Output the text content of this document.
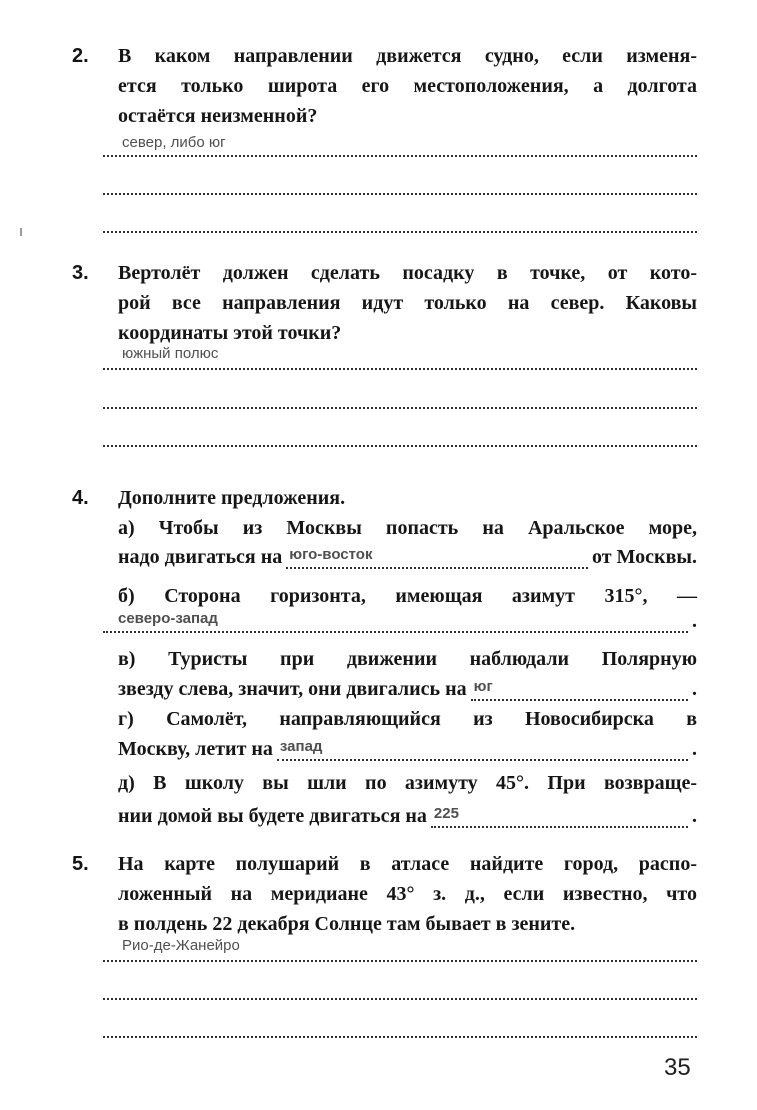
2.	В каком направлении движется судно, если изменя-
ется только широта его местоположения, а долгота
остаётся неизменной?
север, либо юг
3.	Вертолёт должен сделать посадку в точке, от кото-
рой все направления идут только на север. Каковы
координаты этой точки?
южный полюс
4.	Дополните предложения.
а) Чтобы из Москвы попасть на Аральское море,
надо двигаться на юго-восток	от Москвы.
б) Сторона горизонта, имеющая азимут 315°, —
северо-запад	.
в) Туристы при движении наблюдали Полярную
звезду слева, значит, они двигались на юг	.
г) Самолёт, направляющийся из Новосибирска в
Москву, летит на запад	.
д) В школу вы шли по азимуту 45°. При возвраще-
нии домой вы будете двигаться на 225	.
5.	На карте полушарий в атласе найдите город, распо-
ложенный на меридиане 43° з. д., если известно, что
в полдень 22 декабря Солнце там бывает в зените.
Рио-де-Жанейро
35
